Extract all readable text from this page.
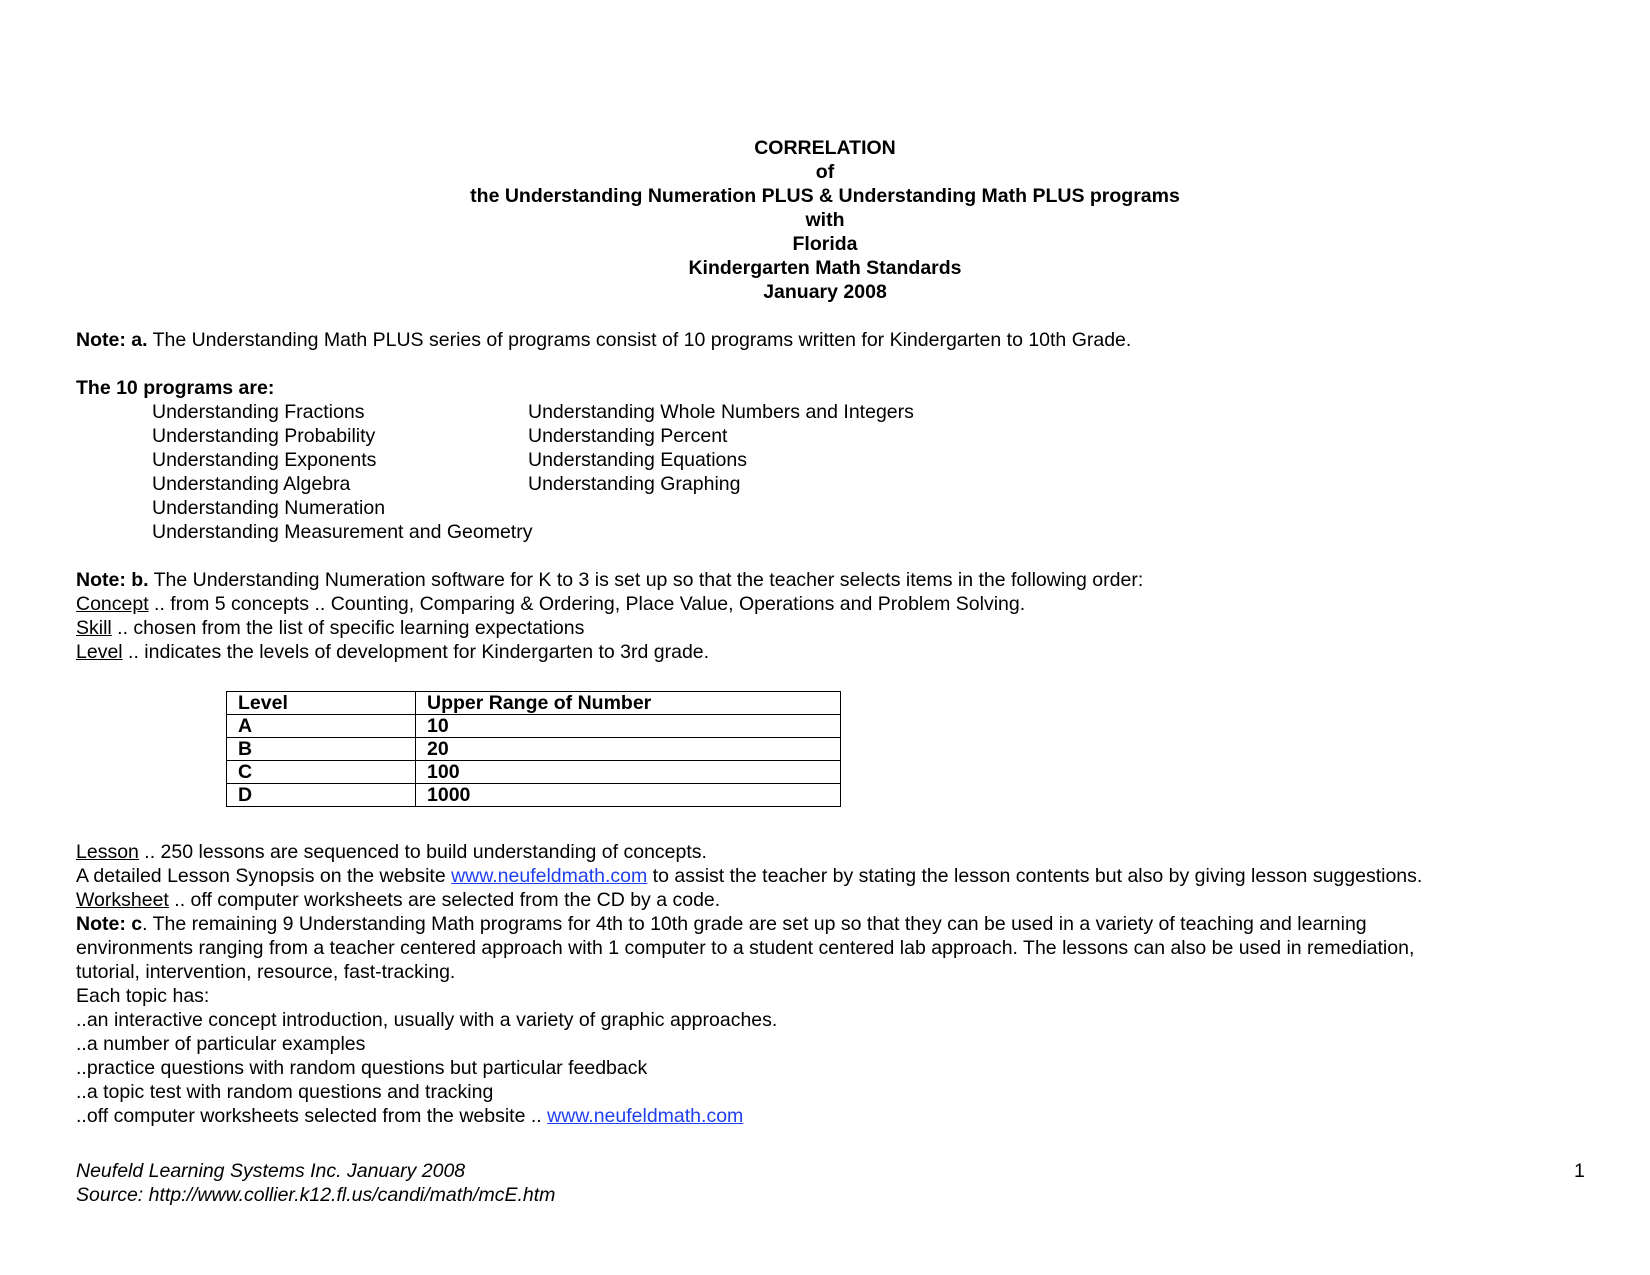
CORRELATION
of
the Understanding Numeration PLUS & Understanding Math PLUS programs
with
Florida
Kindergarten Math Standards
January 2008
Note: a. The Understanding Math PLUS series of programs consist of 10 programs written for Kindergarten to 10th Grade.
The 10 programs are:
Understanding Fractions
Understanding Probability
Understanding Exponents
Understanding Algebra
Understanding Numeration
Understanding Measurement and Geometry
Understanding Whole Numbers and Integers
Understanding Percent
Understanding Equations
Understanding Graphing
Note: b. The Understanding Numeration software for K to 3 is set up so that the teacher selects items in the following order:
Concept .. from 5 concepts .. Counting, Comparing & Ordering, Place Value, Operations and Problem Solving.
Skill .. chosen from the list of specific learning expectations
Level .. indicates the levels of development for Kindergarten to 3rd grade.
Level	Upper Range of Number
A	10
B	20
C	100
D	1000
Lesson .. 250 lessons are sequenced to build understanding of concepts.
A detailed Lesson Synopsis on the website www.neufeldmath.com to assist the teacher by stating the lesson contents but also by giving lesson suggestions.
Worksheet .. off computer worksheets are selected from the CD by a code.
Note: c. The remaining 9 Understanding Math programs for 4th to 10th grade are set up so that they can be used in a variety of teaching and learning
environments ranging from a teacher centered approach with 1 computer to a student centered lab approach. The lessons can also be used in remediation,
tutorial, intervention, resource, fast-tracking.
Each topic has:
..an interactive concept introduction, usually with a variety of graphic approaches.
..a number of particular examples
..practice questions with random questions but particular feedback
..a topic test with random questions and tracking
..off computer worksheets selected from the website .. www.neufeldmath.com
Neufeld Learning Systems Inc. January 2008
Source: http://www.collier.k12.fl.us/candi/math/mcE.htm
1
